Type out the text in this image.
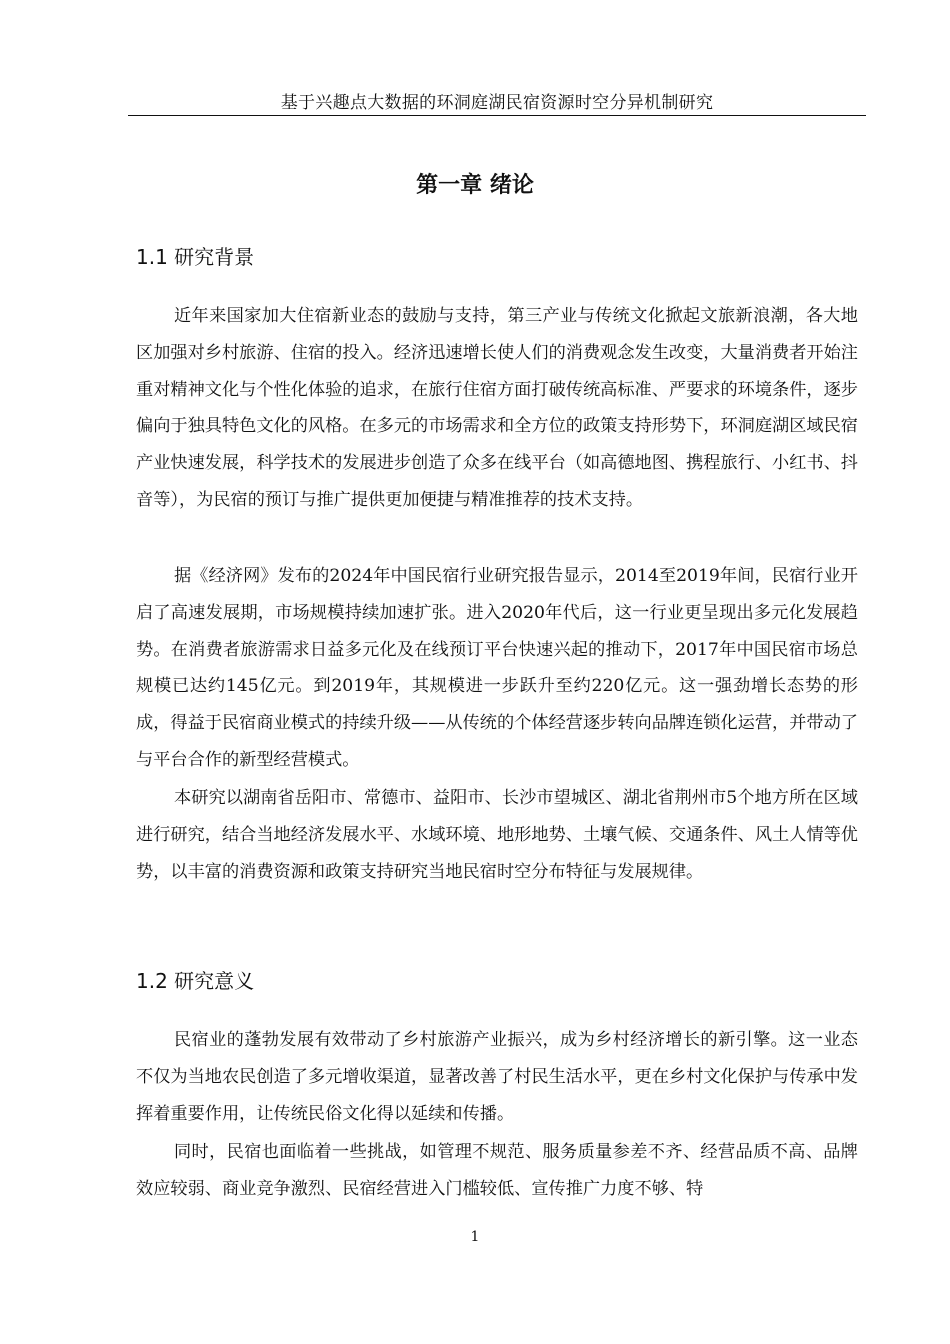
基于兴趣点大数据的环洞庭湖民宿资源时空分异机制研究
第一章 绪论
1.1 研究背景

近年来国家加大住宿新业态的鼓励与支持，第三产业与传统文化掀起文旅新浪潮，各大地区加强对乡村旅游、住宿的投入。经济迅速增长使人们的消费观念发生改变，大量消费者开始注重对精神文化与个性化体验的追求，在旅行住宿方面打破传统高标准、严要求的环境条件，逐步偏向于独具特色文化的风格。在多元的市场需求和全方位的政策支持形势下，环洞庭湖区域民宿产业快速发展，科学技术的发展进步创造了众多在线平台（如高德地图、携程旅行、小红书、抖音等），为民宿的预订与推广提供更加便捷与精准推荐的技术支持。

据《经济网》发布的2024年中国民宿行业研究报告显示，2014至2019年间，民宿行业开启了高速发展期，市场规模持续加速扩张。进入2020年代后，这一行业更呈现出多元化发展趋势。在消费者旅游需求日益多元化及在线预订平台快速兴起的推动下，2017年中国民宿市场总规模已达约145亿元。到2019年，其规模进一步跃升至约220亿元。这一强劲增长态势的形成，得益于民宿商业模式的持续升级——从传统的个体经营逐步转向品牌连锁化运营，并带动了与平台合作的新型经营模式。

本研究以湖南省岳阳市、常德市、益阳市、长沙市望城区、湖北省荆州市5个地方所在区域进行研究，结合当地经济发展水平、水域环境、地形地势、土壤气候、交通条件、风土人情等优势，以丰富的消费资源和政策支持研究当地民宿时空分布特征与发展规律。

1.2 研究意义

民宿业的蓬勃发展有效带动了乡村旅游产业振兴，成为乡村经济增长的新引擎。这一业态不仅为当地农民创造了多元增收渠道，显著改善了村民生活水平，更在乡村文化保护与传承中发挥着重要作用，让传统民俗文化得以延续和传播。

同时，民宿也面临着一些挑战，如管理不规范、服务质量参差不齐、经营品质不高、品牌效应较弱、商业竞争激烈、民宿经营进入门槛较低、宣传推广力度不够、特

1
